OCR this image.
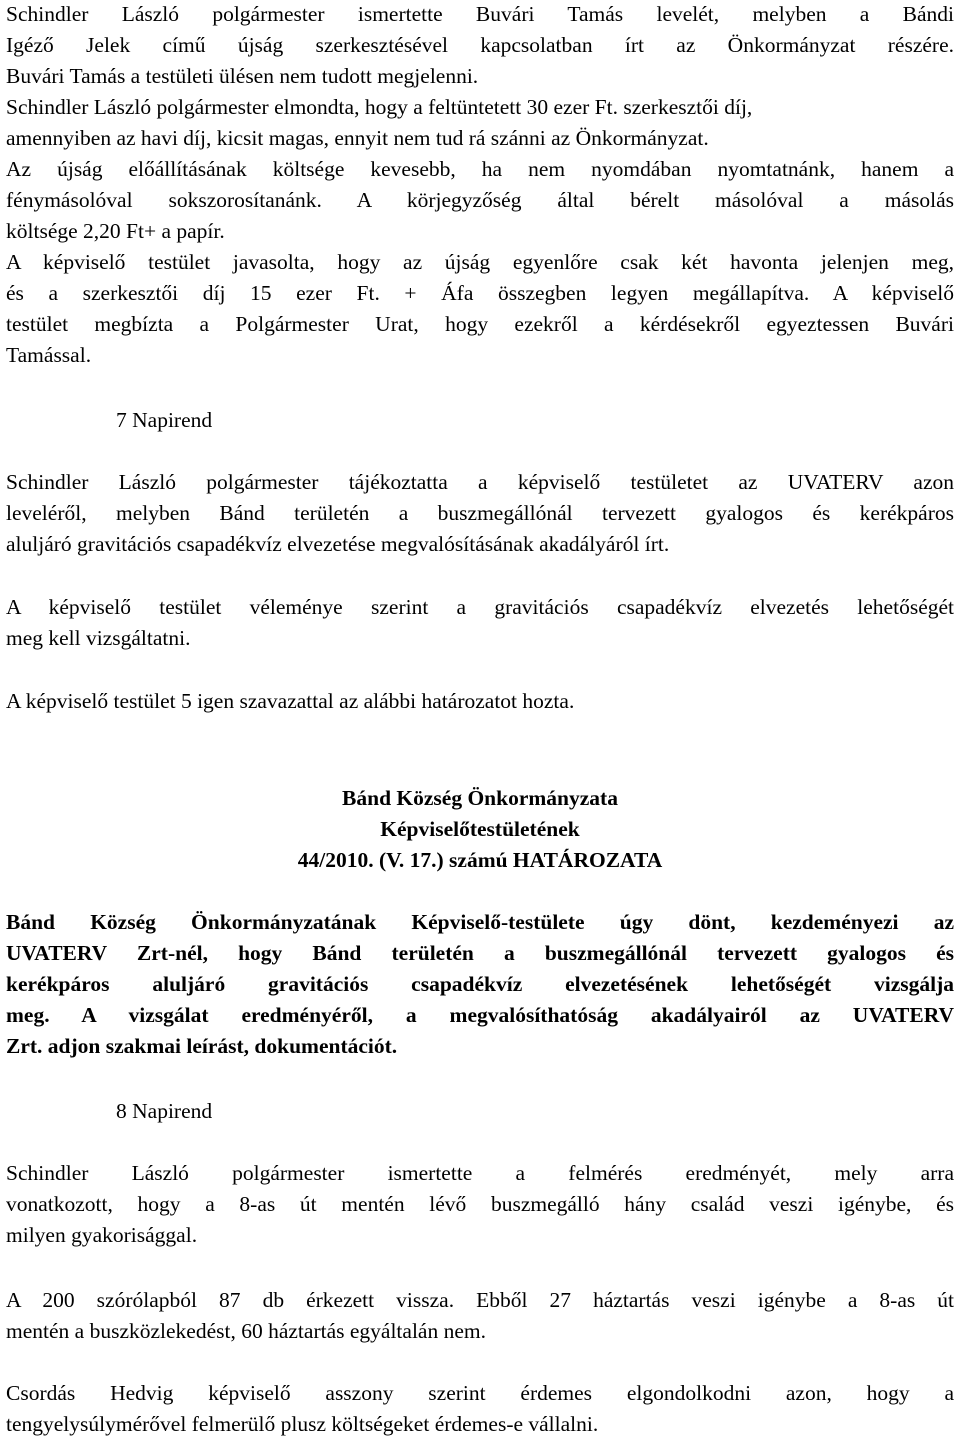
Schindler László polgármester ismertette Buvári Tamás levelét, melyben a Bándi
Igéző Jelek című újság szerkesztésével kapcsolatban írt az Önkormányzat részére.
Buvári Tamás a testületi ülésen nem tudott megjelenni.
Schindler László polgármester elmondta, hogy a feltüntetett 30 ezer Ft. szerkesztői díj,
amennyiben az havi díj, kicsit magas, ennyit nem tud rá szánni az Önkormányzat.
Az újság előállításának költsége kevesebb, ha nem nyomdában nyomtatnánk, hanem a
fénymásolóval sokszorosítanánk. A körjegyzőség által bérelt másolóval a másolás
költsége 2,20 Ft+ a papír.
A képviselő testület javasolta, hogy az újság egyenlőre csak két havonta jelenjen meg,
és a szerkesztői díj 15 ezer Ft. + Áfa összegben legyen megállapítva. A képviselő
testület megbízta a Polgármester Urat, hogy ezekről a kérdésekről egyeztessen Buvári
Tamással.
7 Napirend
Schindler László polgármester tájékoztatta a képviselő testületet az UVATERV azon
leveléről, melyben Bánd területén a buszmegállónál tervezett gyalogos és kerékpáros
aluljáró gravitációs csapadékvíz elvezetése megvalósításának akadályáról írt.
A képviselő testület véleménye szerint a gravitációs csapadékvíz elvezetés lehetőségét
meg kell vizsgáltatni.
A képviselő testület 5 igen szavazattal az alábbi határozatot hozta.
Bánd Község Önkormányzata
Képviselőtestületének
44/2010. (V. 17.) számú HATÁROZATA
Bánd Község Önkormányzatának Képviselő-testülete úgy dönt, kezdeményezi az
UVATERV Zrt-nél, hogy Bánd területén a buszmegállónál tervezett gyalogos és
kerékpáros aluljáró gravitációs csapadékvíz elvezetésének lehetőségét vizsgálja
meg. A vizsgálat eredményéről, a megvalósíthatóság akadályairól az UVATERV
Zrt. adjon szakmai leírást, dokumentációt.
8 Napirend
Schindler László polgármester ismertette a felmérés eredményét, mely arra
vonatkozott, hogy a 8-as út mentén lévő buszmegálló hány család veszi igénybe, és
milyen gyakorisággal.
A 200 szórólapból 87 db érkezett vissza. Ebből 27 háztartás veszi igénybe a 8-as út
mentén a buszközlekedést, 60 háztartás egyáltalán nem.
Csordás Hedvig képviselő asszony szerint érdemes elgondolkodni azon, hogy a
tengyelysúlymérővel felmerülő plusz költségeket érdemes-e vállalni.
